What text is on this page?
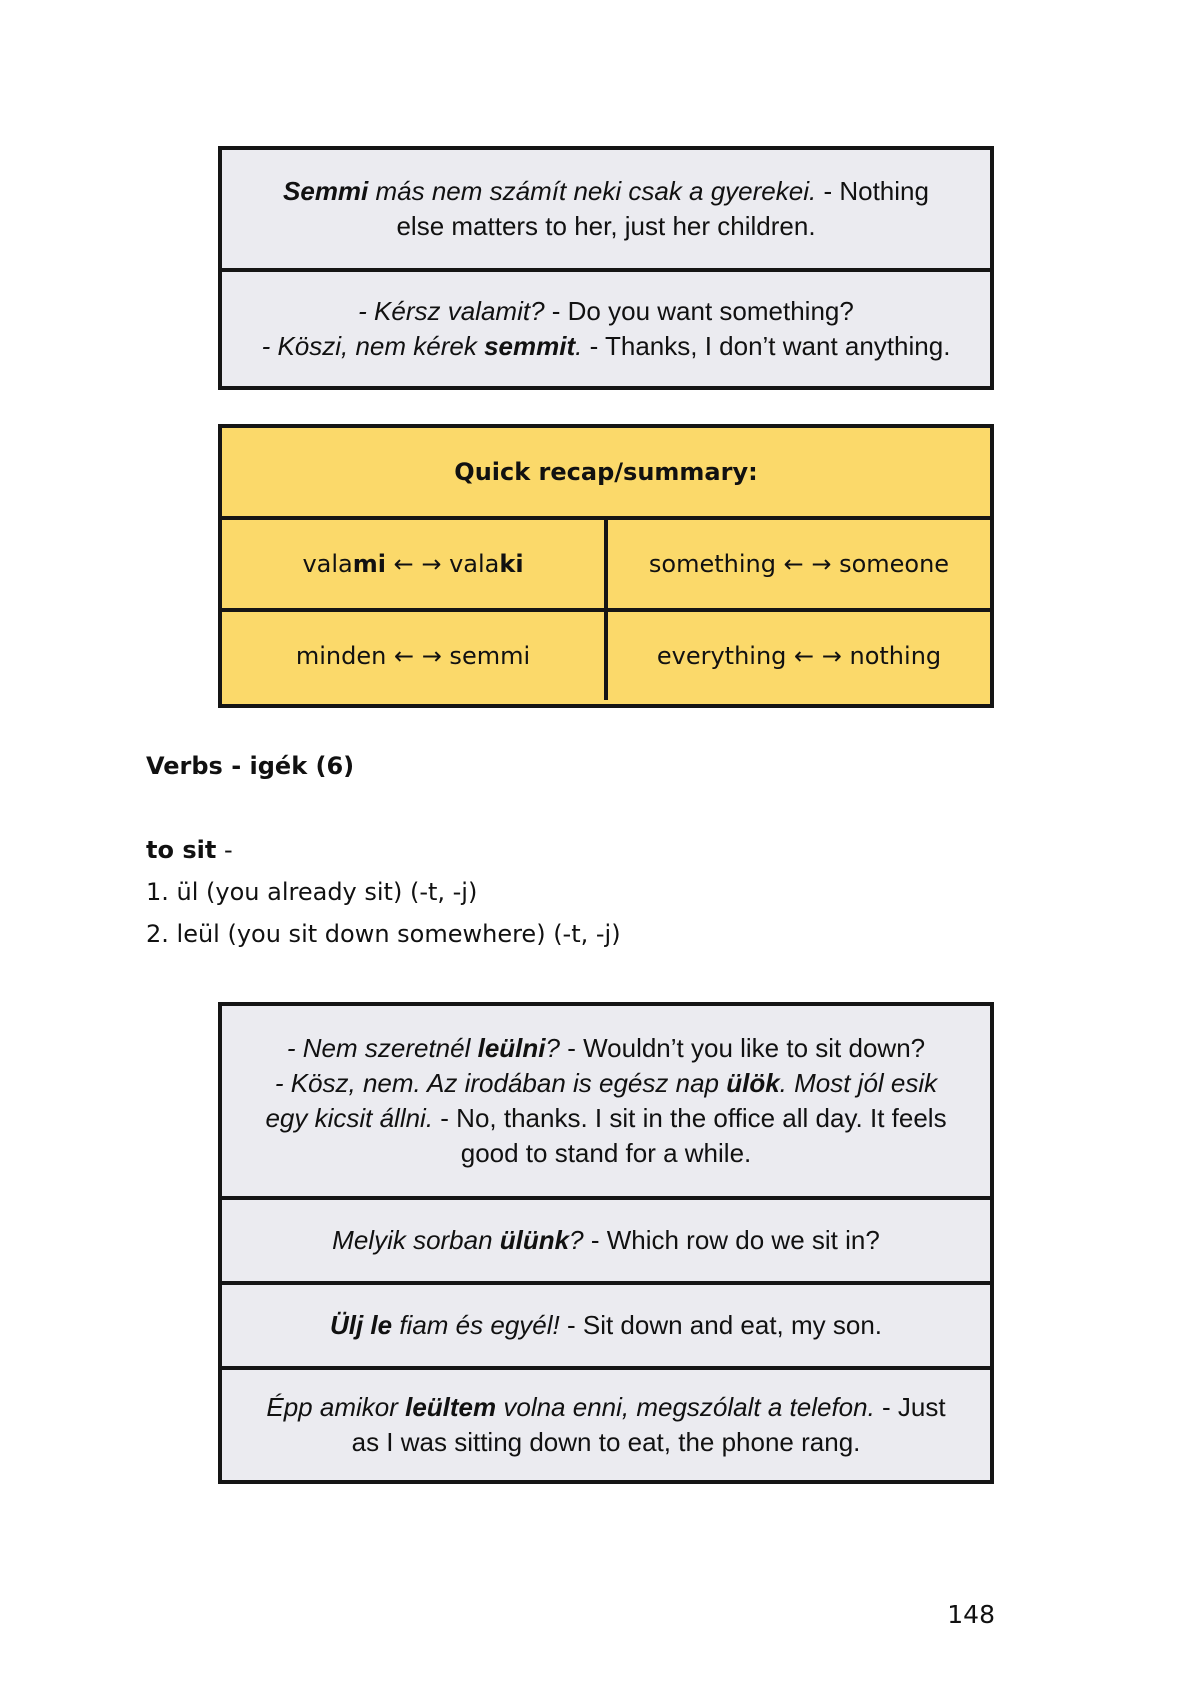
Semmi más nem számít neki csak a gyerekei. - Nothing else matters to her, just her children.
- Kérsz valamit? - Do you want something?
- Köszi, nem kérek semmit. - Thanks, I don’t want anything.
Quick recap/summary:
valami ← → valaki	something ← → someone
minden ← → semmi	everything ← → nothing
Verbs - igék (6)
to sit -
1. ül (you already sit) (-t, -j)
2. leül (you sit down somewhere) (-t, -j)
- Nem szeretnél leülni? - Wouldn’t you like to sit down?
- Kösz, nem. Az irodában is egész nap ülök. Most jól esik egy kicsit állni. - No, thanks. I sit in the office all day. It feels good to stand for a while.
Melyik sorban ülünk? - Which row do we sit in?
Ülj le fiam és egyél! - Sit down and eat, my son.
Épp amikor leültem volna enni, megszólalt a telefon. - Just as I was sitting down to eat, the phone rang.
148
